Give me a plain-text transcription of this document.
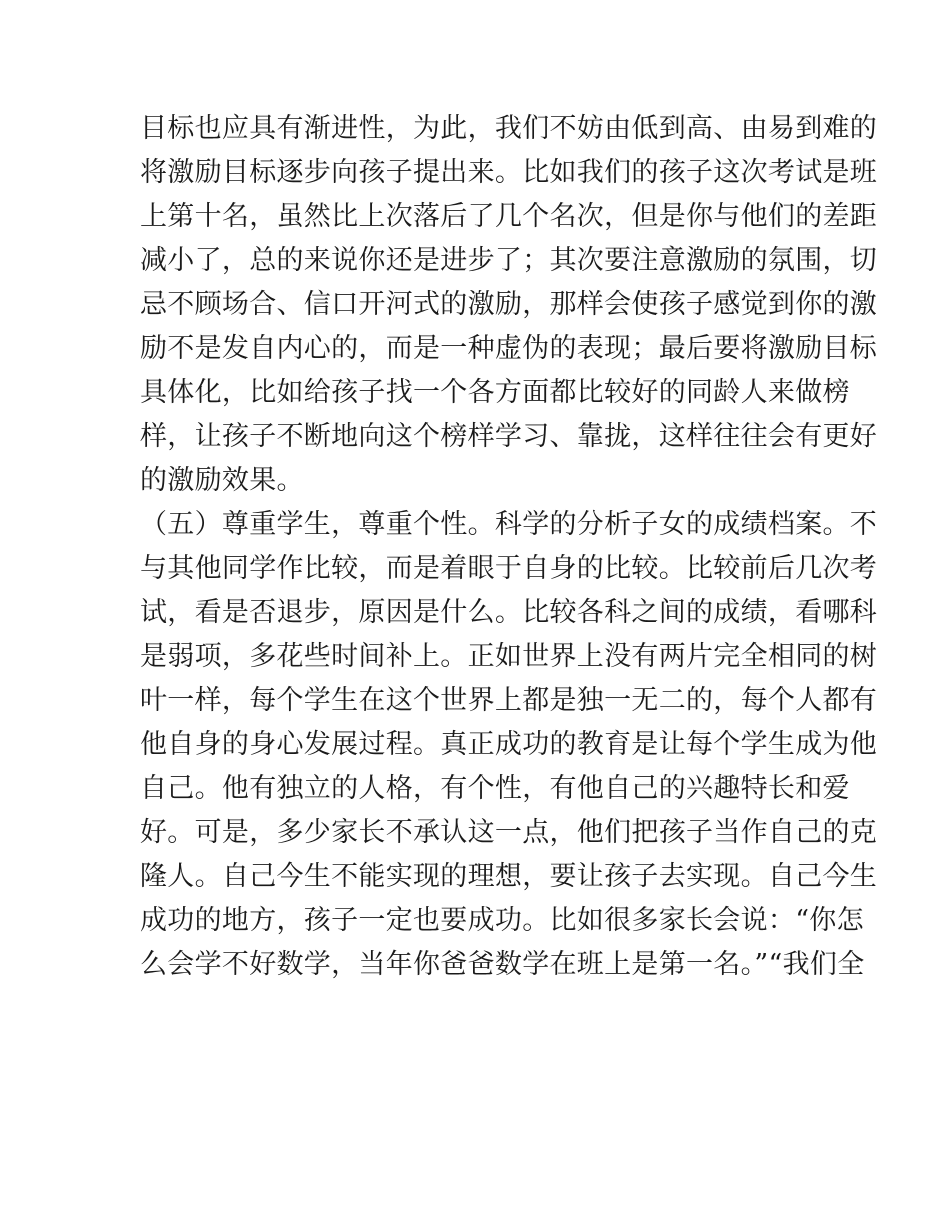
目标也应具有渐进性，为此，我们不妨由低到高、由易到难的
将激励目标逐步向孩子提出来。比如我们的孩子这次考试是班
上第十名，虽然比上次落后了几个名次，但是你与他们的差距
减小了，总的来说你还是进步了；其次要注意激励的氛围，切
忌不顾场合、信口开河式的激励，那样会使孩子感觉到你的激
励不是发自内心的，而是一种虚伪的表现；最后要将激励目标
具体化，比如给孩子找一个各方面都比较好的同龄人来做榜
样，让孩子不断地向这个榜样学习、靠拢，这样往往会有更好
的激励效果。
（五）尊重学生，尊重个性。科学的分析子女的成绩档案。不
与其他同学作比较，而是着眼于自身的比较。比较前后几次考
试，看是否退步，原因是什么。比较各科之间的成绩，看哪科
是弱项，多花些时间补上。正如世界上没有两片完全相同的树
叶一样，每个学生在这个世界上都是独一无二的，每个人都有
他自身的身心发展过程。真正成功的教育是让每个学生成为他
自己。他有独立的人格，有个性，有他自己的兴趣特长和爱
好。可是，多少家长不承认这一点，他们把孩子当作自己的克
隆人。自己今生不能实现的理想，要让孩子去实现。自己今生
成功的地方，孩子一定也要成功。比如很多家长会说：“你怎
么会学不好数学，当年你爸爸数学在班上是第一名。”“我们全
